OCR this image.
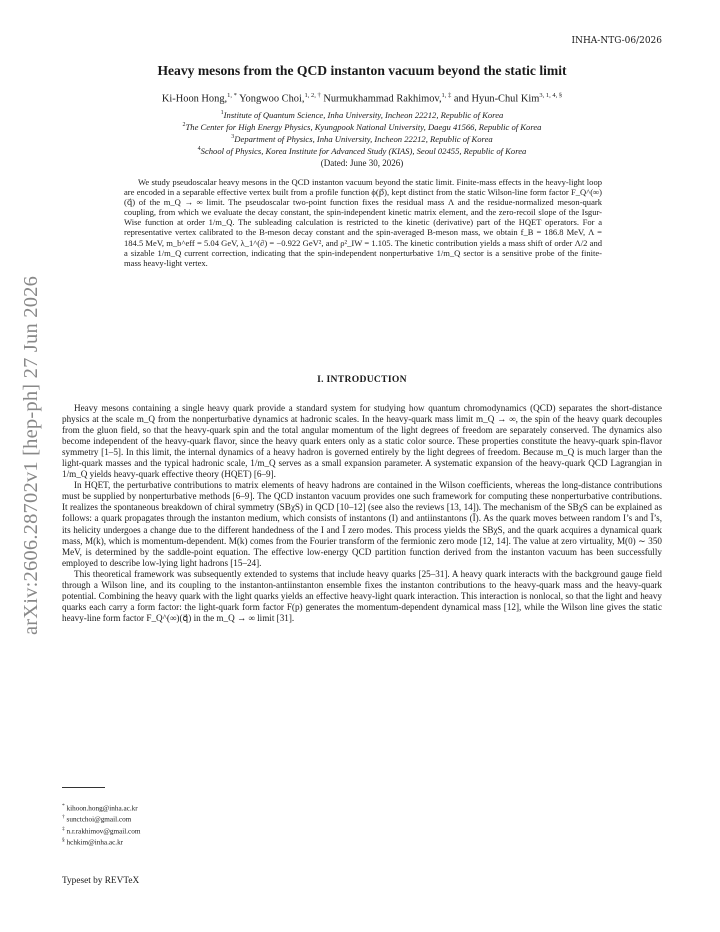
arXiv:2606.28702v1 [hep-ph] 27 Jun 2026
INHA-NTG-06/2026
Heavy mesons from the QCD instanton vacuum beyond the static limit
Ki-Hoon Hong,$^{1, *}$ Yongwoo Choi,$^{1, 2, \dagger}$ Nurmukhammad Rakhimov,$^{1, \ddagger}$ and Hyun-Chul Kim$^{3, 1, 4, \S}$
$^1$Institute of Quantum Science, Inha University, Incheon 22212, Republic of Korea
$^2$The Center for High Energy Physics, Kyungpook National University, Daegu 41566, Republic of Korea
$^3$Department of Physics, Inha University, Incheon 22212, Republic of Korea
$^4$School of Physics, Korea Institute for Advanced Study (KIAS), Seoul 02455, Republic of Korea
(Dated: June 30, 2026)
We study pseudoscalar heavy mesons in the QCD instanton vacuum beyond the static limit. Finite-mass effects in the heavy-light loop are encoded in a separable effective vertex built from a profile function ϕ(p⃗), kept distinct from the static Wilson-line form factor F_Q^(∞)(q⃗) of the m_Q → ∞ limit. The pseudoscalar two-point function fixes the residual mass Λ and the residue-normalized meson-quark coupling, from which we evaluate the decay constant, the spin-independent kinetic matrix element, and the zero-recoil slope of the Isgur-Wise function at order 1/m_Q. The subleading calculation is restricted to the kinetic (derivative) part of the HQET operators. For a representative vertex calibrated to the B-meson decay constant and the spin-averaged B-meson mass, we obtain f_B = 186.8 MeV, Λ = 184.5 MeV, m_b^eff = 5.04 GeV, λ_1^(∂) = −0.922 GeV², and ρ²_IW = 1.105. The kinetic contribution yields a mass shift of order Λ/2 and a sizable 1/m_Q current correction, indicating that the spin-independent nonperturbative 1/m_Q sector is a sensitive probe of the finite-mass heavy-light vertex.
I. INTRODUCTION

Heavy mesons containing a single heavy quark provide a standard system for studying how quantum chromodynamics (QCD) separates the short-distance physics at the scale m_Q from the nonperturbative dynamics at hadronic scales. In the heavy-quark mass limit m_Q → ∞, the spin of the heavy quark decouples from the gluon field, so that the heavy-quark spin and the total angular momentum of the light degrees of freedom are separately conserved. The dynamics also become independent of the heavy-quark flavor, since the heavy quark enters only as a static color source. These properties constitute the heavy-quark spin-flavor symmetry [1–5]. In this limit, the internal dynamics of a heavy hadron is governed entirely by the light degrees of freedom. Because m_Q is much larger than the light-quark masses and the typical hadronic scale, 1/m_Q serves as a small expansion parameter. A systematic expansion of the heavy-quark QCD Lagrangian in 1/m_Q yields heavy-quark effective theory (HQET) [6–9].

In HQET, the perturbative contributions to matrix elements of heavy hadrons are contained in the Wilson coefficients, whereas the long-distance contributions must be supplied by nonperturbative methods [6–9]. The QCD instanton vacuum provides one such framework for computing these nonperturbative contributions. It realizes the spontaneous breakdown of chiral symmetry (SBχS) in QCD [10–12] (see also the reviews [13, 14]). The mechanism of the SBχS can be explained as follows: a quark propagates through the instanton medium, which consists of instantons (I) and antiinstantons (Ī). As the quark moves between random I’s and Ī’s, its helicity undergoes a change due to the different handedness of the I and Ī zero modes. This process yields the SBχS, and the quark acquires a dynamical quark mass, M(k), which is momentum-dependent. M(k) comes from the Fourier transform of the fermionic zero mode [12, 14]. The value at zero virtuality, M(0) ∼ 350 MeV, is determined by the saddle-point equation. The effective low-energy QCD partition function derived from the instanton vacuum has been successfully employed to describe low-lying light hadrons [15–24].

This theoretical framework was subsequently extended to systems that include heavy quarks [25–31]. A heavy quark interacts with the background gauge field through a Wilson line, and its coupling to the instanton-antiinstanton ensemble fixes the instanton contributions to the heavy-quark mass and the heavy-quark potential. Combining the heavy quark with the light quarks yields an effective heavy-light quark interaction. This interaction is nonlocal, so that the light and heavy quarks each carry a form factor: the light-quark form factor F(p) generates the momentum-dependent dynamical mass [12], while the Wilson line gives the static heavy-line form factor F_Q^(∞)(q⃗) in the m_Q → ∞ limit [31].

* kihoon.hong@inha.ac.kr
† sunctchoi@gmail.com
‡ n.r.rakhimov@gmail.com
§ hchkim@inha.ac.kr
Typeset by REVTeX
